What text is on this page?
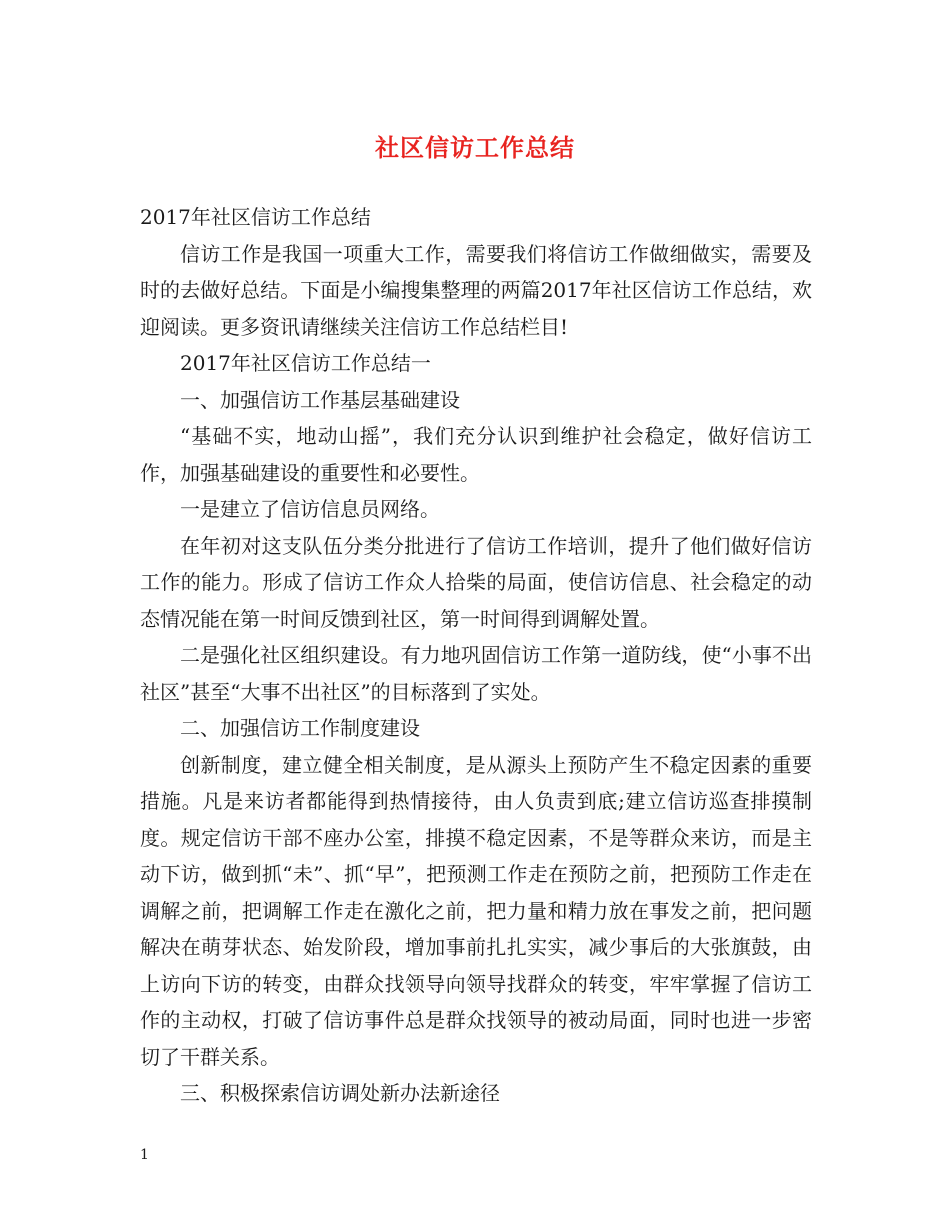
社区信访工作总结

2017年社区信访工作总结

信访工作是我国一项重大工作，需要我们将信访工作做细做实，需要及时的去做好总结。下面是小编搜集整理的两篇2017年社区信访工作总结，欢迎阅读。更多资讯请继续关注信访工作总结栏目!

2017年社区信访工作总结一

一、加强信访工作基层基础建设

“基础不实，地动山摇”，我们充分认识到维护社会稳定，做好信访工作，加强基础建设的重要性和必要性。

一是建立了信访信息员网络。

在年初对这支队伍分类分批进行了信访工作培训，提升了他们做好信访工作的能力。形成了信访工作众人拾柴的局面，使信访信息、社会稳定的动态情况能在第一时间反馈到社区，第一时间得到调解处置。

二是强化社区组织建设。有力地巩固信访工作第一道防线，使“小事不出社区”甚至“大事不出社区”的目标落到了实处。

二、加强信访工作制度建设

创新制度，建立健全相关制度，是从源头上预防产生不稳定因素的重要措施。凡是来访者都能得到热情接待，由人负责到底;建立信访巡查排摸制度。规定信访干部不座办公室，排摸不稳定因素，不是等群众来访，而是主动下访，做到抓“未”、抓“早”，把预测工作走在预防之前，把预防工作走在调解之前，把调解工作走在激化之前，把力量和精力放在事发之前，把问题解决在萌芽状态、始发阶段，增加事前扎扎实实，减少事后的大张旗鼓，由上访向下访的转变，由群众找领导向领导找群众的转变，牢牢掌握了信访工作的主动权，打破了信访事件总是群众找领导的被动局面，同时也进一步密切了干群关系。

三、积极探索信访调处新办法新途径

1
